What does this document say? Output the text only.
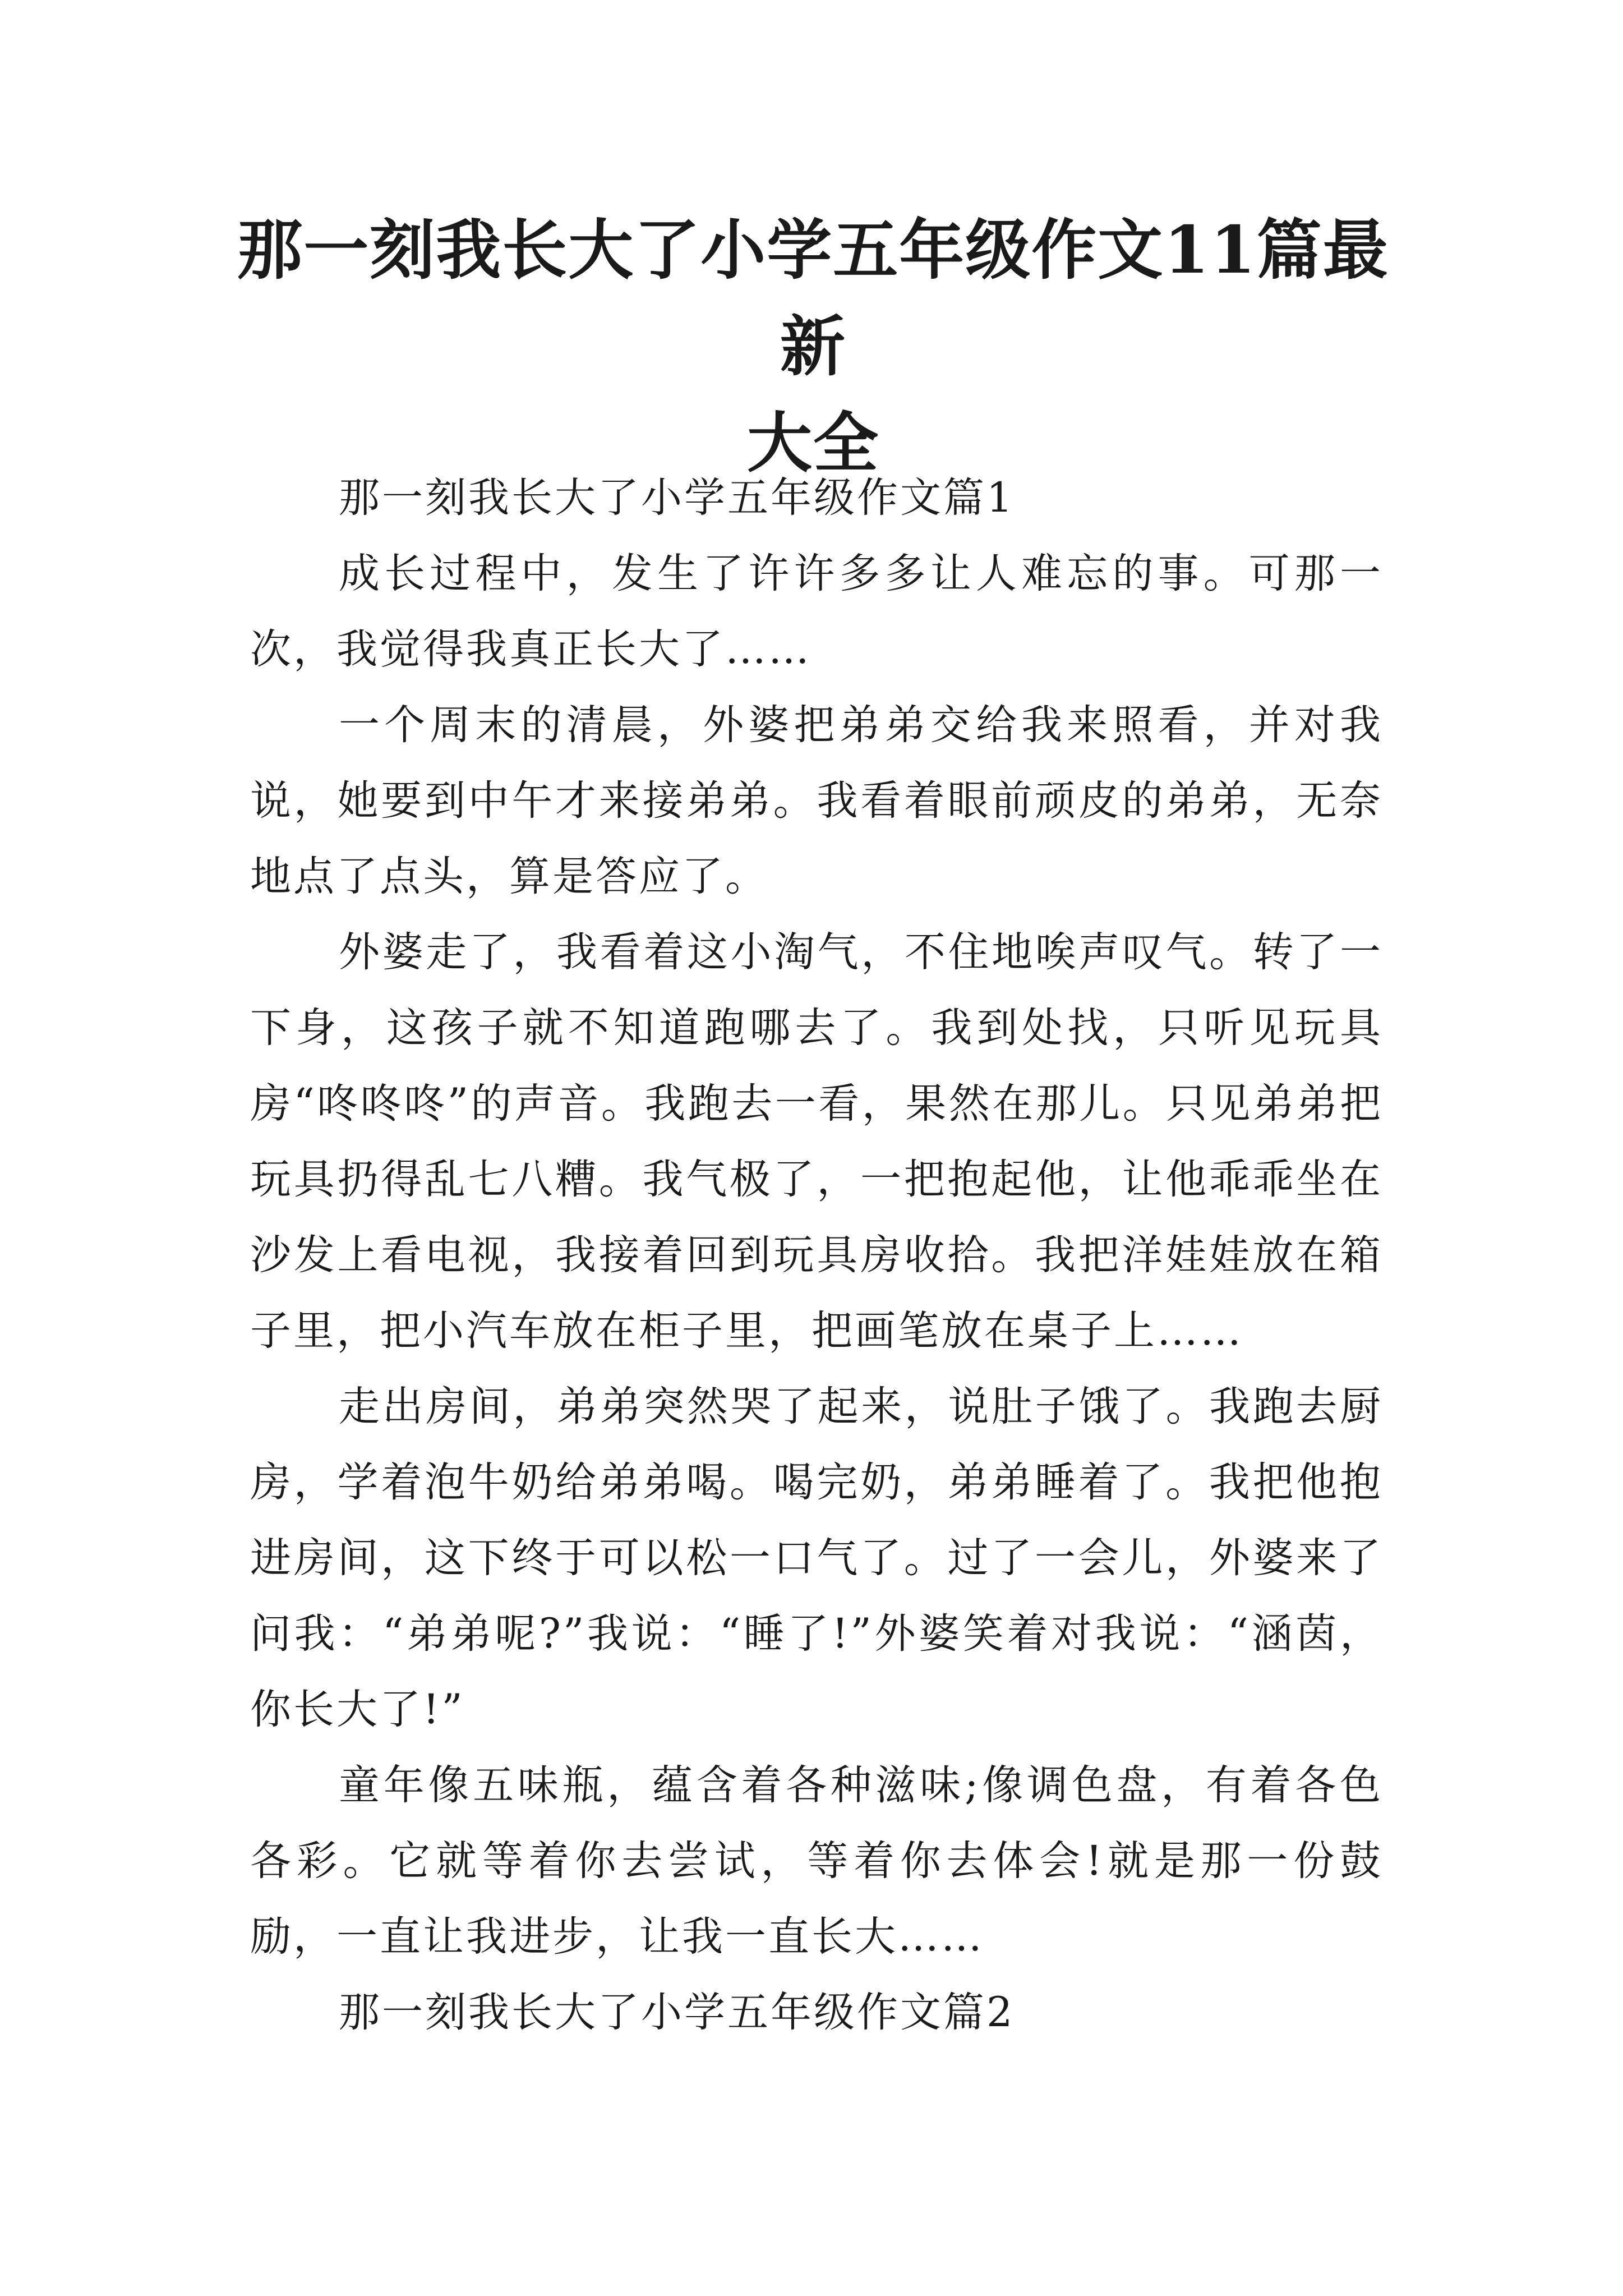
那一刻我长大了小学五年级作文11篇最新
大全

那一刻我长大了小学五年级作文篇1

成长过程中，发生了许许多多让人难忘的事。可那一次，我觉得我真正长大了……

一个周末的清晨，外婆把弟弟交给我来照看，并对我说，她要到中午才来接弟弟。我看着眼前顽皮的弟弟，无奈地点了点头，算是答应了。

外婆走了，我看着这小淘气，不住地唉声叹气。转了一下身，这孩子就不知道跑哪去了。我到处找，只听见玩具房“咚咚咚”的声音。我跑去一看，果然在那儿。只见弟弟把玩具扔得乱七八糟。我气极了，一把抱起他，让他乖乖坐在沙发上看电视，我接着回到玩具房收拾。我把洋娃娃放在箱子里，把小汽车放在柜子里，把画笔放在桌子上……

走出房间，弟弟突然哭了起来，说肚子饿了。我跑去厨房，学着泡牛奶给弟弟喝。喝完奶，弟弟睡着了。我把他抱进房间，这下终于可以松一口气了。过了一会儿，外婆来了问我：“弟弟呢?”我说：“睡了!”外婆笑着对我说：“涵茵，你长大了!”

童年像五味瓶，蕴含着各种滋味;像调色盘，有着各色各彩。它就等着你去尝试，等着你去体会!就是那一份鼓励，一直让我进步，让我一直长大……

那一刻我长大了小学五年级作文篇2
